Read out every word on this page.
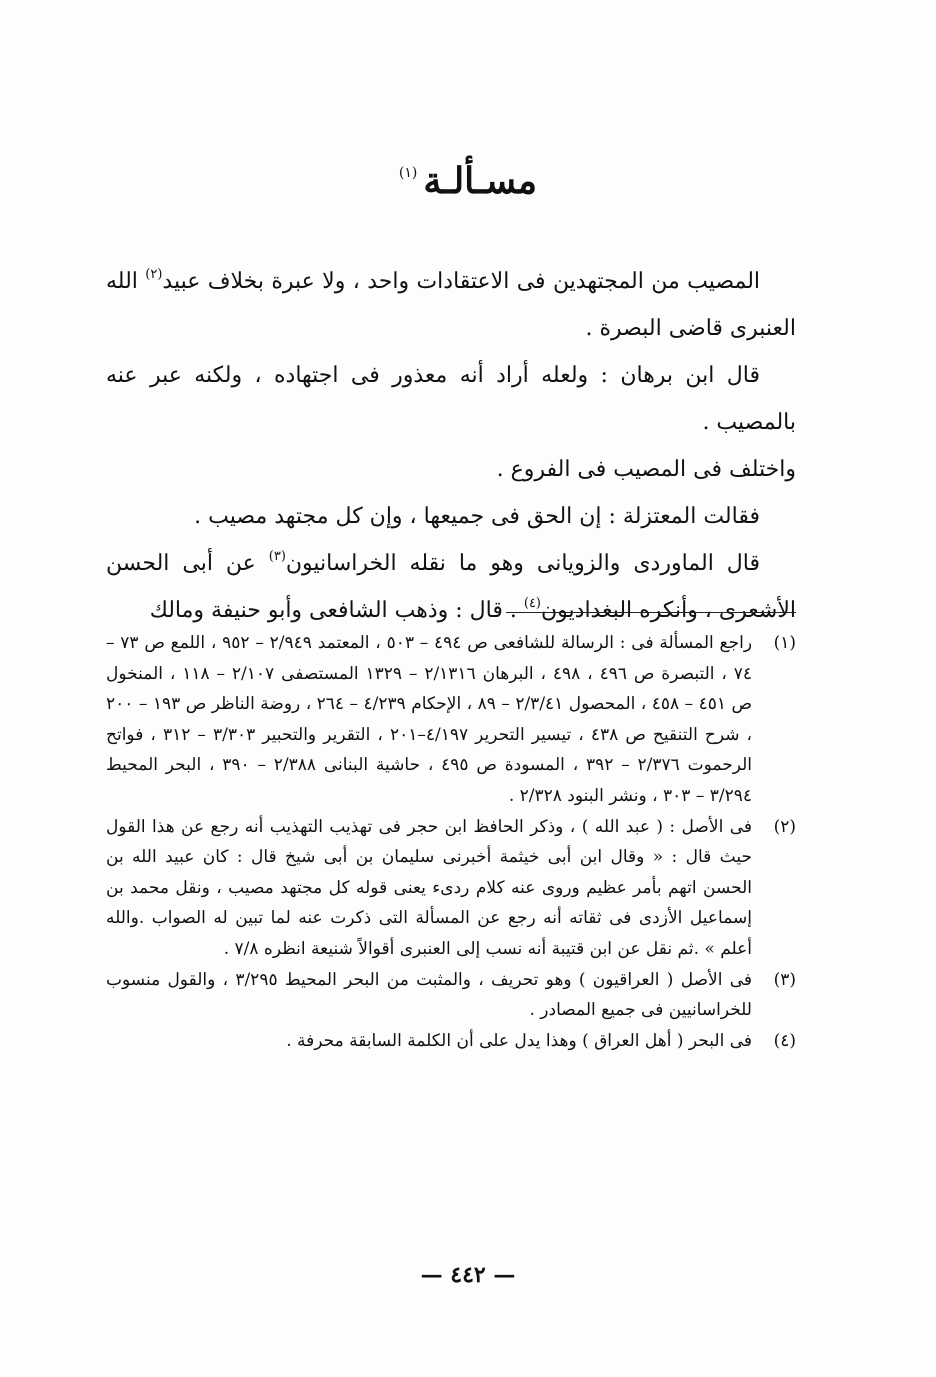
مسـألـة$^{(١)}$

المصيب من المجتهدين فى الاعتقادات واحد ، ولا عبرة بخلاف عبيد$^{(٢)}$ الله العنبرى قاضى البصرة .

قال ابن برهان : ولعله أراد أنه معذور فى اجتهاده ، ولكنه عبر عنه بالمصيب .

واختلف فى المصيب فى الفروع .

فقالت المعتزلة : إن الحق فى جميعها ، وإن كل مجتهد مصيب .

قال الماوردى والزويانى وهو ما نقله الخراسانيون$^{(٣)}$ عن أبى الحسن الأشعرى ، وأنكره البغداديون$^{(٤)}$ . قال : وذهب الشافعى وأبو حنيفة ومالك

(١)
راجع المسألة فى : الرسالة للشافعى ص ٤٩٤ – ٥٠٣ ، المعتمد ٢/٩٤٩ – ٩٥٢ ، اللمع ص ٧٣ – ٧٤ ، التبصرة ص ٤٩٦ ، ٤٩٨ ، البرهان ٢/١٣١٦ – ١٣٢٩ المستصفى ٢/١٠٧ – ١١٨ ، المنخول ص ٤٥١ – ٤٥٨ ، المحصول ٢/٣/٤١ – ٨٩ ، الإحكام ٤/٢٣٩ – ٢٦٤ ، روضة الناظر ص ١٩٣ – ٢٠٠ ، شرح التنقيح ص ٤٣٨ ، تيسير التحرير ٤/١٩٧–٢٠١ ، التقرير والتحبير ٣/٣٠٣ – ٣١٢ ، فواتح الرحموت ٢/٣٧٦ – ٣٩٢ ، المسودة ص ٤٩٥ ، حاشية البنانى ٢/٣٨٨ – ٣٩٠ ، البحر المحيط ٣/٢٩٤ – ٣٠٣ ، ونشر البنود ٢/٣٢٨ .
(٢)
فى الأصل : ( عبد الله ) ، وذكر الحافظ ابن حجر فى تهذيب التهذيب أنه رجع عن هذا القول حيث قال : « وقال ابن أبى خيثمة أخبرنى سليمان بن أبى شيخ قال : كان عبيد الله بن الحسن اتهم بأمر عظيم وروى عنه كلام ردىء يعنى قوله كل مجتهد مصيب ، ونقل محمد بن إسماعيل الأزدى فى ثقاته أنه رجع عن المسألة التى ذكرت عنه لما تبين له الصواب .والله أعلم » .ثم نقل عن ابن قتيبة أنه نسب إلى العنبرى أقوالاً شنيعة انظره ٧/٨ .
(٣)
فى الأصل ( العراقيون ) وهو تحريف ، والمثبت من البحر المحيط ٣/٢٩٥ ، والقول منسوب للخراسانيين فى جميع المصادر .
(٤)
فى البحر ( أهل العراق ) وهذا يدل على أن الكلمة السابقة محرفة .
— ٤٤٢ —
